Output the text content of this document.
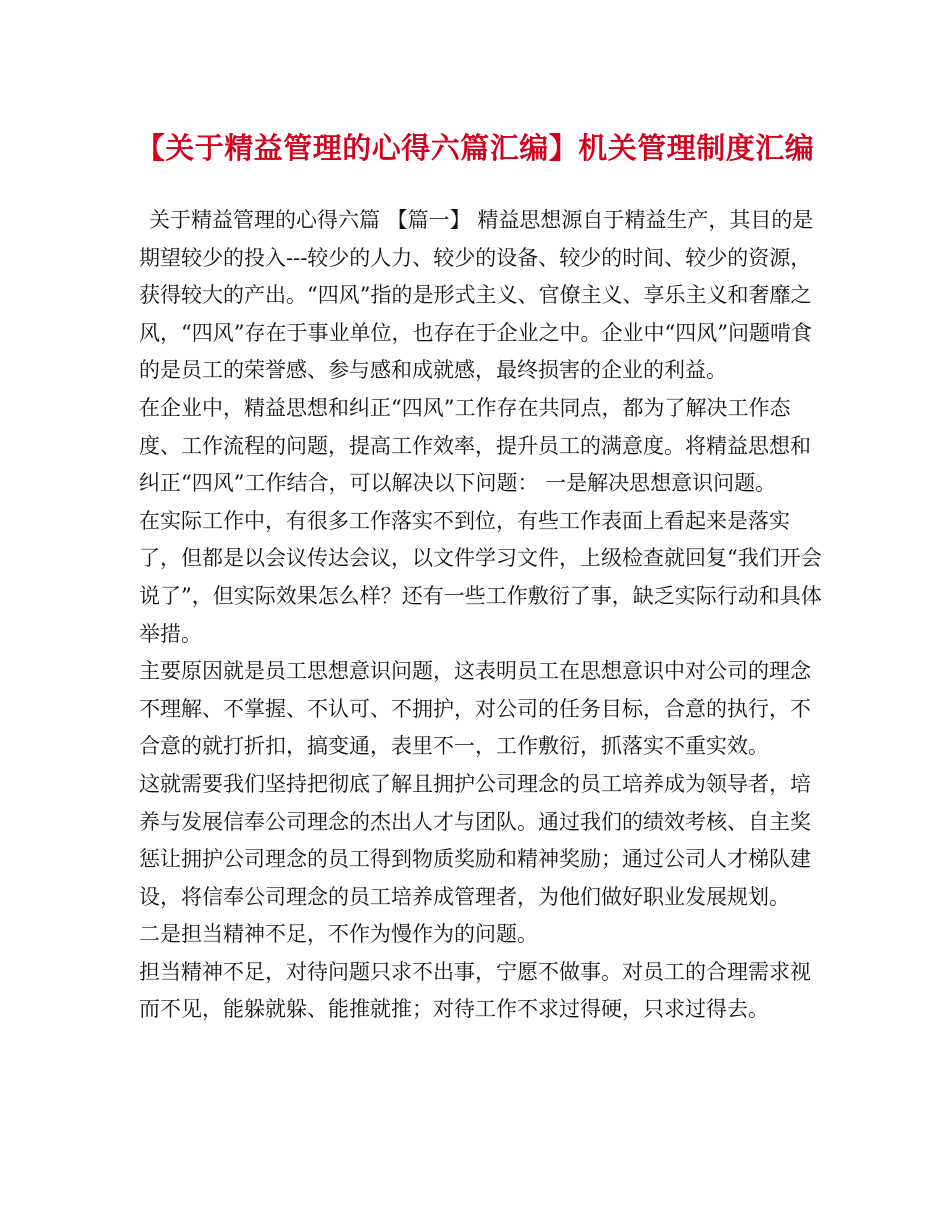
【关于精益管理的心得六篇汇编】机关管理制度汇编

关于精益管理的心得六篇 【篇一】 精益思想源自于精益生产，其目的是期望较少的投入---较少的人力、较少的设备、较少的时间、较少的资源，获得较大的产出。“四风”指的是形式主义、官僚主义、享乐主义和奢靡之风，“四风”存在于事业单位，也存在于企业之中。企业中“四风”问题啃食的是员工的荣誉感、参与感和成就感，最终损害的企业的利益。

在企业中，精益思想和纠正“四风”工作存在共同点，都为了解决工作态度、工作流程的问题，提高工作效率，提升员工的满意度。将精益思想和纠正“四风”工作结合，可以解决以下问题： 一是解决思想意识问题。

在实际工作中，有很多工作落实不到位，有些工作表面上看起来是落实了，但都是以会议传达会议，以文件学习文件，上级检查就回复“我们开会说了”，但实际效果怎么样？还有一些工作敷衍了事，缺乏实际行动和具体举措。

主要原因就是员工思想意识问题，这表明员工在思想意识中对公司的理念不理解、不掌握、不认可、不拥护，对公司的任务目标，合意的执行，不合意的就打折扣，搞变通，表里不一，工作敷衍，抓落实不重实效。

这就需要我们坚持把彻底了解且拥护公司理念的员工培养成为领导者，培养与发展信奉公司理念的杰出人才与团队。通过我们的绩效考核、自主奖惩让拥护公司理念的员工得到物质奖励和精神奖励；通过公司人才梯队建设，将信奉公司理念的员工培养成管理者，为他们做好职业发展规划。

二是担当精神不足，不作为慢作为的问题。

担当精神不足，对待问题只求不出事，宁愿不做事。对员工的合理需求视而不见，能躲就躲、能推就推；对待工作不求过得硬，只求过得去。
